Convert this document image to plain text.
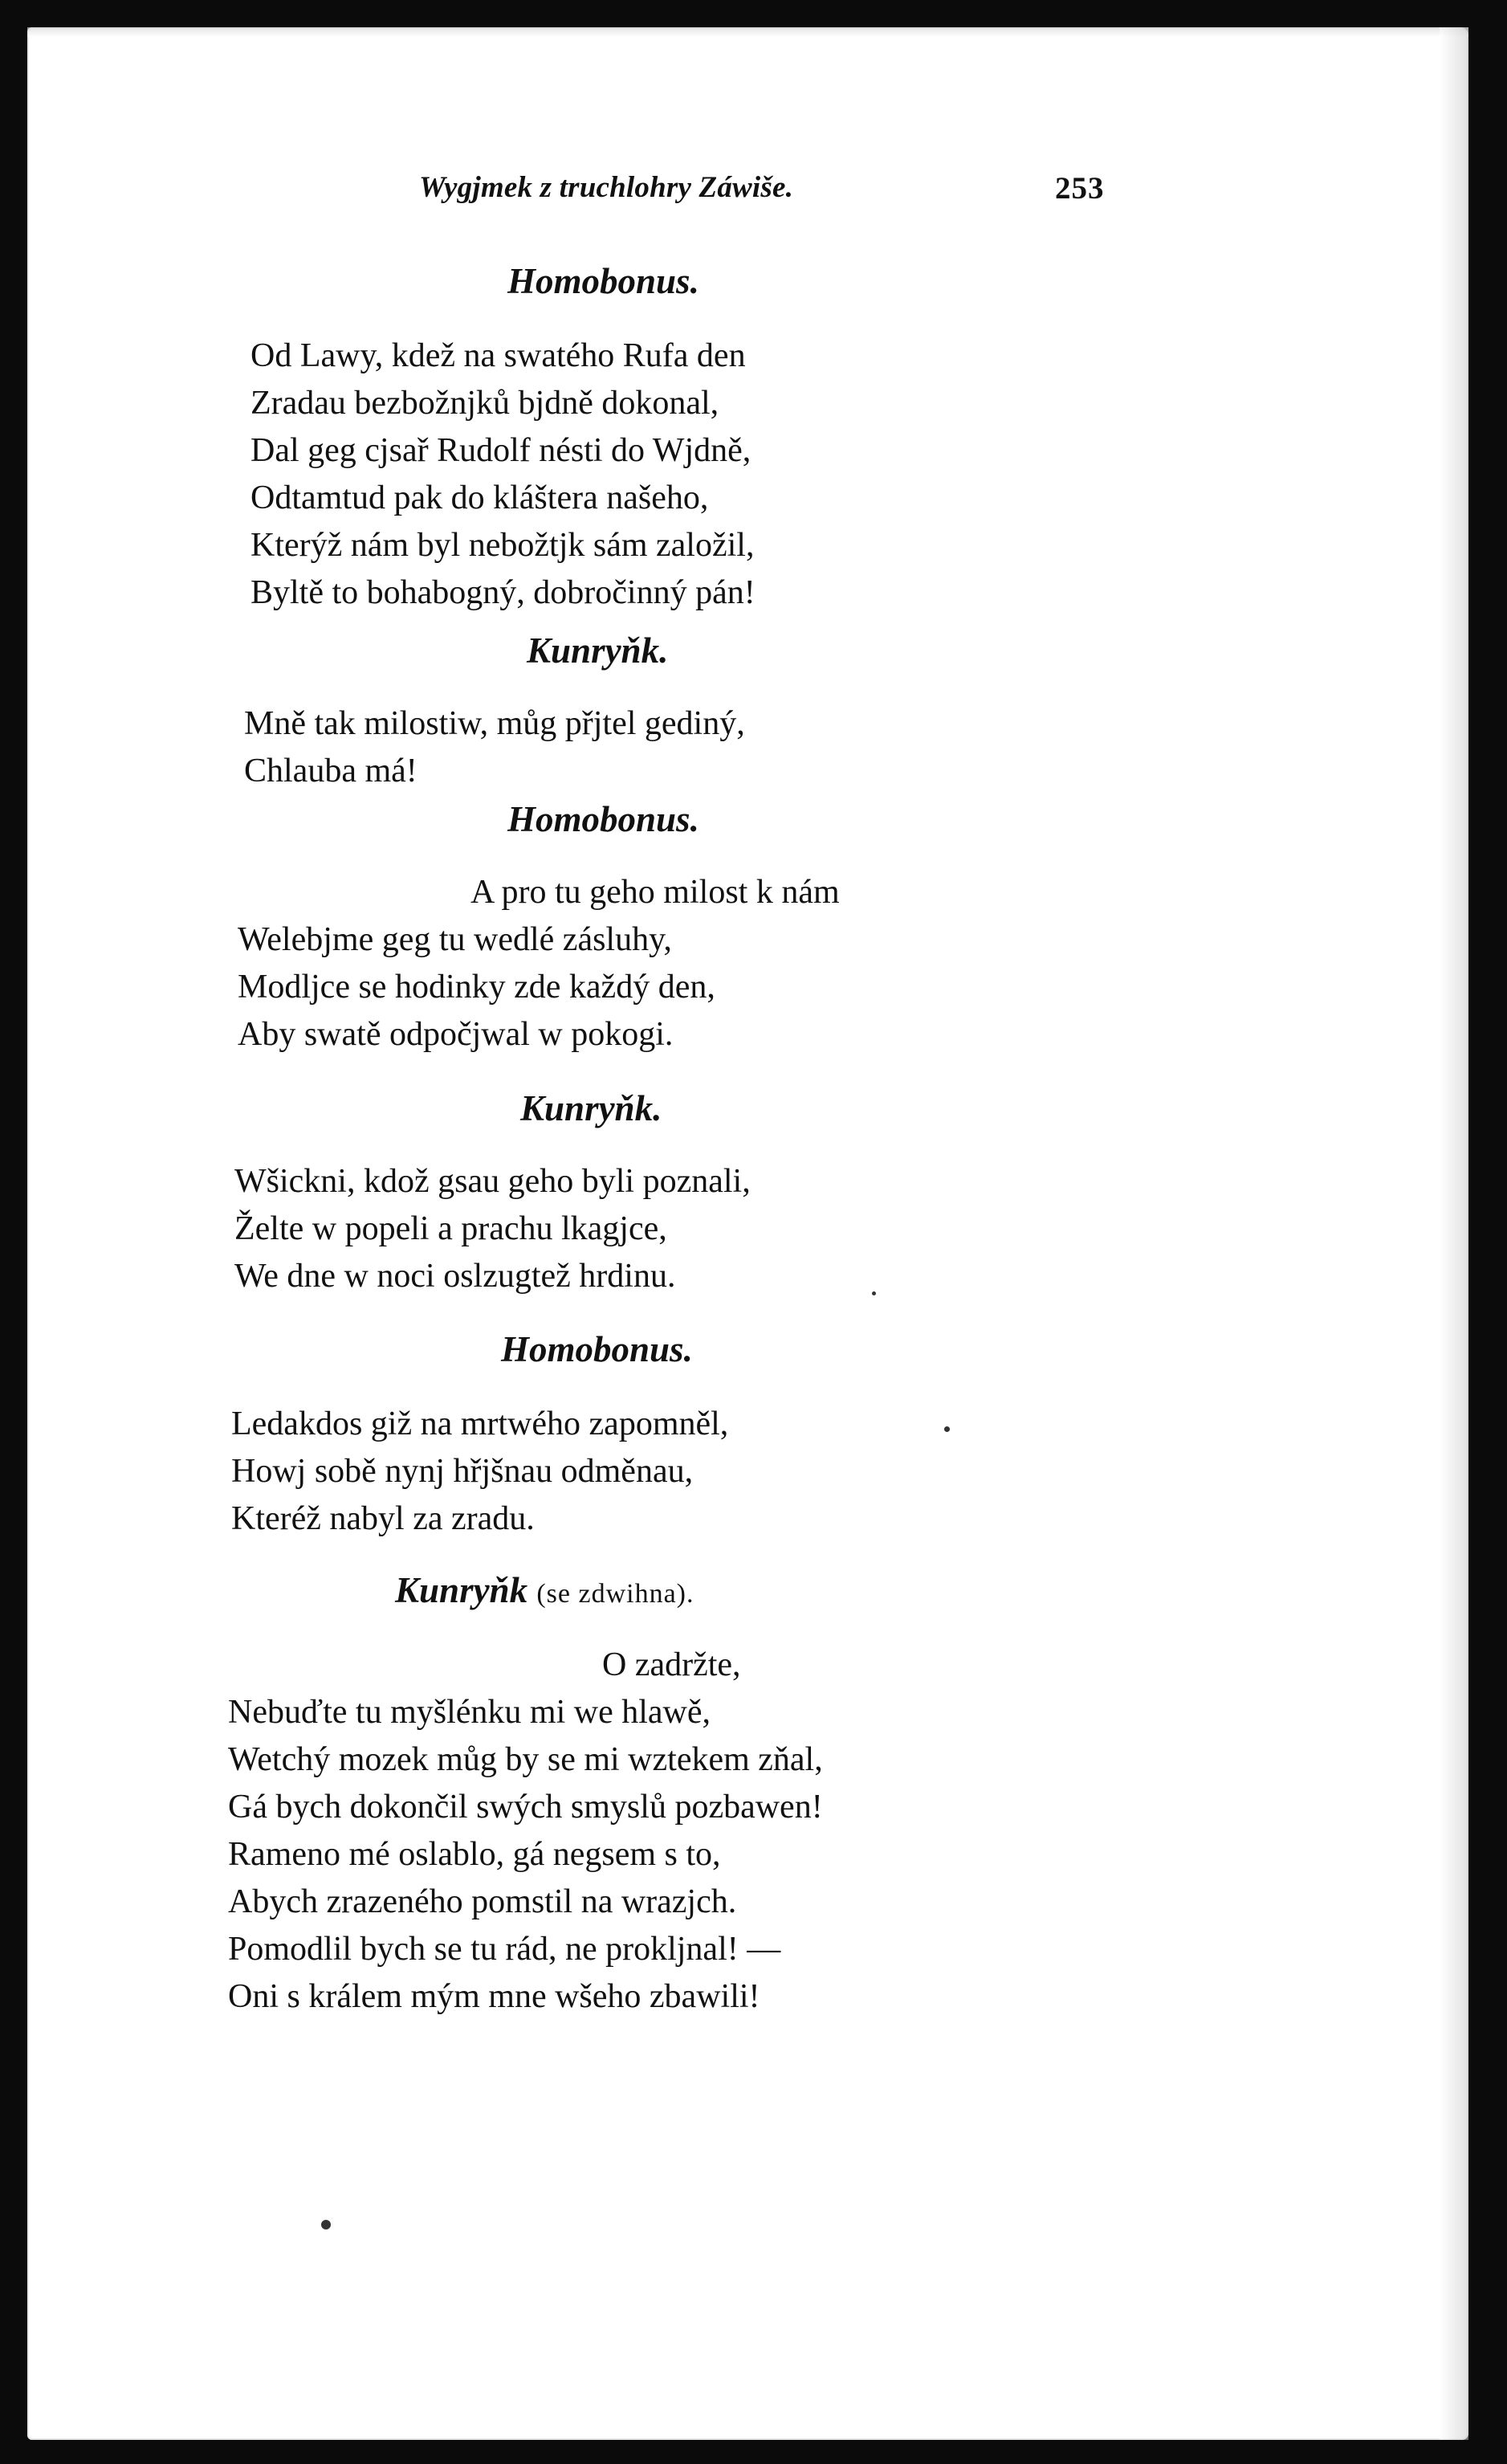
Wygjmek z truchlohry Záwiše.	253
Homobonus.
Od Lawy, kdež na swatého Rufa den
Zradau bezbožnjků bjdně dokonal,
Dal geg cjsař Rudolf nésti do Wjdně,
Odtamtud pak do kláštera našeho,
Kterýž nám byl nebožtjk sám založil,
Byltě to bohabogný, dobročinný pán!
Kunryňk.
Mně tak milostiw, můg přjtel gediný,
Chlauba má!
Homobonus.
A pro tu geho milost k nám
Welebjme geg tu wedlé zásluhy,
Modljce se hodinky zde každý den,
Aby swatě odpočjwal w pokogi.
Kunryňk.
Wšickni, kdož gsau geho byli poznali,
Želte w popeli a prachu lkagjce,
We dne w noci oslzugtež hrdinu.
Homobonus.
Ledakdos giž na mrtwého zapomněl,
Howj sobě nynj hřjšnau odměnau,
Kteréž nabyl za zradu.
Kunryňk (se zdwihna).
O zadržte,
Nebuďte tu myšlénku mi we hlawě,
Wetchý mozek můg by se mi wztekem zňal,
Gá bych dokončil swých smyslů pozbawen!
Rameno mé oslablo, gá negsem s to,
Abych zrazeného pomstil na wrazjch.
Pomodlil bych se tu rád, ne proklјnal! —
Oni s králem mým mne wšeho zbawili!
